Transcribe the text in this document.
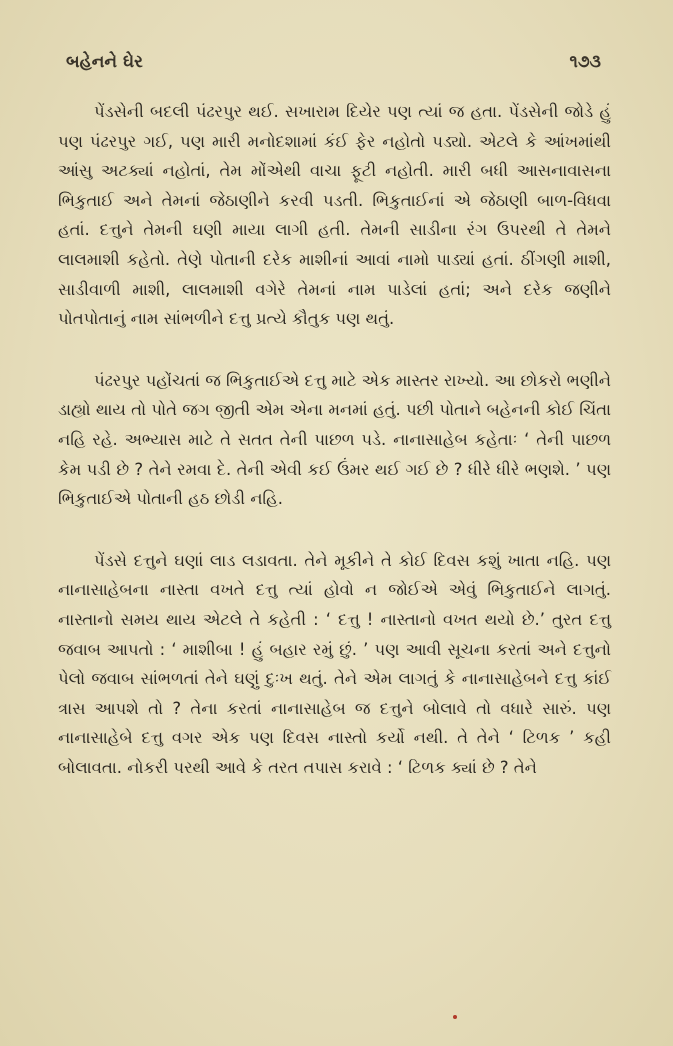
બહેનને ઘેર	૧૭૩

પેંડસેની બદલી પંઢરપુર થઈ. સખારામ દિયેર પણ ત્યાં જ હતા. પેંડસેની જોડે હું પણ પંઢરપુર ગઈ, પણ મારી મનોદશામાં કંઈ ફેર નહોતો પડ્યો. એટલે કે આંખમાંથી આંસુ અટક્યાં નહોતાં, તેમ મોંએથી વાચા ફૂટી નહોતી. મારી બધી આસનાવાસના ભિકુતાઈ અને તેમનાં જેઠાણીને કરવી પડતી. ભિકુતાઈનાં એ જેઠાણી બાળ-વિધવા હતાં. દત્તુને તેમની ઘણી માયા લાગી હતી. તેમની સાડીના રંગ ઉપરથી તે તેમને લાલમાશી કહેતો. તેણે પોતાની દરેક માશીનાં આવાં નામો પાડ્યાં હતાં. ઠીંગણી માશી, સાડીવાળી માશી, લાલમાશી વગેરે તેમનાં નામ પાડેલાં હતાં; અને દરેક જણીને પોતપોતાનું નામ સાંભળીને દત્તુ પ્રત્યે કૌતુક પણ થતું.

પંઢરપુર પહોંચતાં જ ભિકુતાઈએ દત્તુ માટે એક માસ્તર રાખ્યો. આ છોકરો ભણીને ડાહ્યો થાય તો પોતે જગ જીતી એમ એના મનમાં હતું. પછી પોતાને બહેનની કોઈ ચિંતા નહિ રહે. અભ્યાસ માટે તે સતત તેની પાછળ પડે. નાનાસાહેબ કહેતાઃ ‘ તેની પાછળ કેમ પડી છે ? તેને રમવા દે. તેની એવી કઈ ઉંમર થઈ ગઈ છે ? ધીરે ધીરે ભણશે. ’ પણ ભિકુતાઈએ પોતાની હઠ છોડી નહિ.

પેંડસે દત્તુને ઘણાં લાડ લડાવતા. તેને મૂકીને તે કોઈ દિવસ કશું ખાતા નહિ. પણ નાનાસાહેબના નાસ્તા વખતે દત્તુ ત્યાં હોવો ન જોઈએ એવું ભિકુતાઈને લાગતું. નાસ્તાનો સમય થાય એટલે તે કહેતી : ‘ દત્તુ ! નાસ્તાનો વખત થયો છે.’ તુરત દત્તુ જવાબ આપતો : ‘ માશીબા ! હું બહાર રમું છું. ’ પણ આવી સૂચના કરતાં અને દત્તુનો પેલો જવાબ સાંભળતાં તેને ઘણું દુઃખ થતું. તેને એમ લાગતું કે નાનાસાહેબને દત્તુ કાંઈ ત્રાસ આપશે તો ? તેના કરતાં નાનાસાહેબ જ દત્તુને બોલાવે તો વધારે સારું. પણ નાનાસાહેબે દત્તુ વગર એક પણ દિવસ નાસ્તો કર્યો નથી. તે તેને ‘ ટિળક ’ કહી બોલાવતા. નોકરી પરથી આવે કે તરત તપાસ કરાવે : ‘ ટિળક ક્યાં છે ? તેને
